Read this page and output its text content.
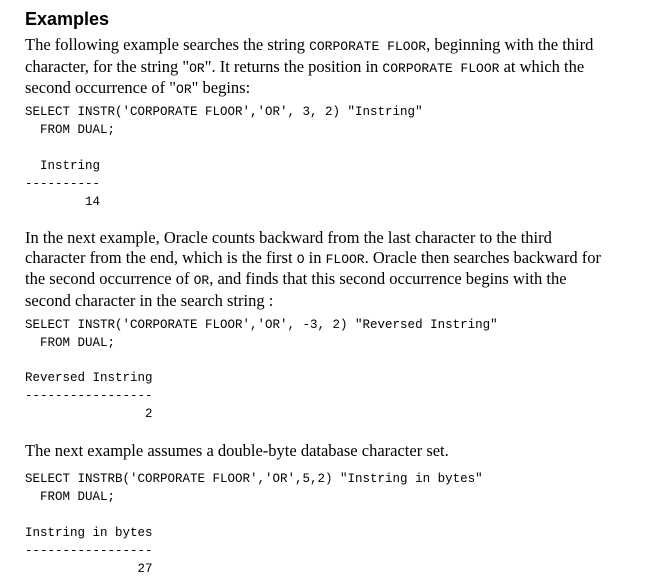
Examples
The following example searches the string CORPORATE FLOOR, beginning with the third
character, for the string "OR". It returns the position in CORPORATE FLOOR at which the
second occurrence of "OR" begins:
SELECT INSTR('CORPORATE FLOOR','OR', 3, 2) "Instring"
FROM DUAL;
Instring
----------
14
In the next example, Oracle counts backward from the last character to the third
character from the end, which is the first O in FLOOR. Oracle then searches backward for
the second occurrence of OR, and finds that this second occurrence begins with the
second character in the search string :
SELECT INSTR('CORPORATE FLOOR','OR', -3, 2) "Reversed Instring"
FROM DUAL;
Reversed Instring
-----------------
2
The next example assumes a double-byte database character set.
SELECT INSTRB('CORPORATE FLOOR','OR',5,2) "Instring in bytes"
FROM DUAL;
Instring in bytes
-----------------
27
